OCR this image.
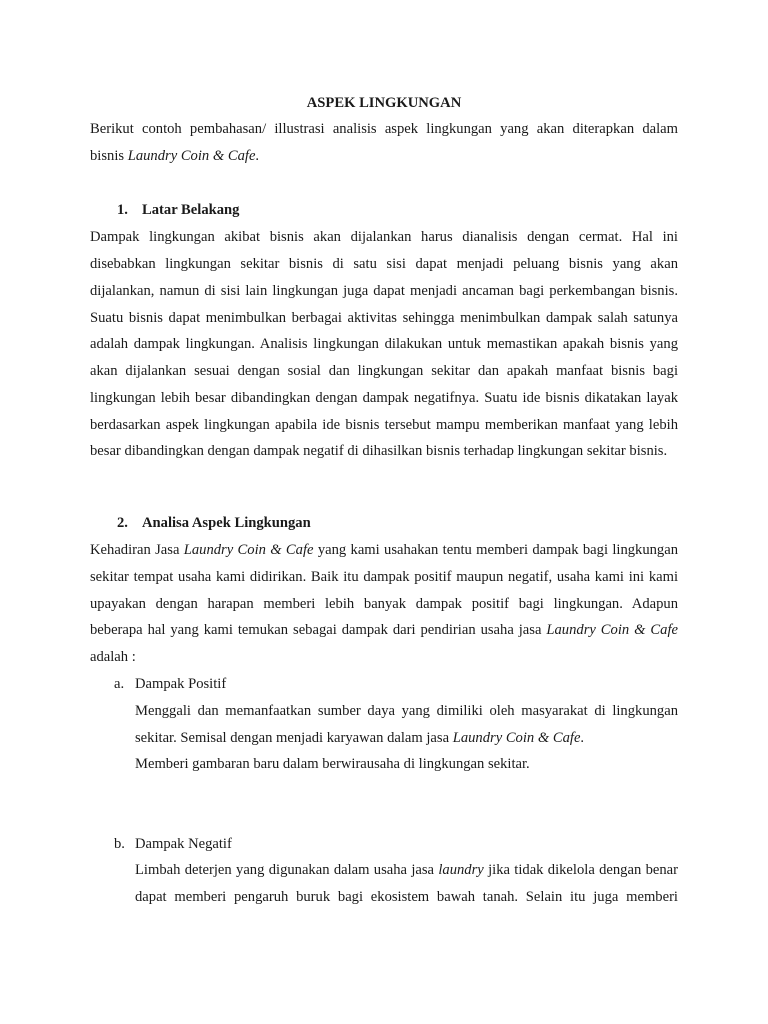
ASPEK LINGKUNGAN
Berikut contoh pembahasan/ illustrasi analisis aspek lingkungan yang akan diterapkan dalam
bisnis Laundry Coin & Cafe.
1. Latar Belakang
Dampak lingkungan akibat bisnis akan dijalankan harus dianalisis dengan cermat. Hal ini
disebabkan lingkungan sekitar bisnis di satu sisi dapat menjadi peluang bisnis yang akan
dijalankan, namun di sisi lain lingkungan juga dapat menjadi ancaman bagi perkembangan bisnis.
Suatu bisnis dapat menimbulkan berbagai aktivitas sehingga menimbulkan dampak salah satunya
adalah dampak lingkungan. Analisis lingkungan dilakukan untuk memastikan apakah bisnis yang
akan dijalankan sesuai dengan sosial dan lingkungan sekitar dan apakah manfaat bisnis bagi
lingkungan lebih besar dibandingkan dengan dampak negatifnya. Suatu ide bisnis dikatakan layak
berdasarkan aspek lingkungan apabila ide bisnis tersebut mampu memberikan manfaat yang lebih
besar dibandingkan dengan dampak negatif di dihasilkan bisnis terhadap lingkungan sekitar bisnis.
2. Analisa Aspek Lingkungan
Kehadiran Jasa Laundry Coin & Cafe yang kami usahakan tentu memberi dampak bagi lingkungan
sekitar tempat usaha kami didirikan. Baik itu dampak positif maupun negatif, usaha kami ini kami
upayakan dengan harapan memberi lebih banyak dampak positif bagi lingkungan. Adapun
beberapa hal yang kami temukan sebagai dampak dari pendirian usaha jasa Laundry Coin & Cafe
adalah :
a. Dampak Positif
Menggali dan memanfaatkan sumber daya yang dimiliki oleh masyarakat di lingkungan
sekitar. Semisal dengan menjadi karyawan dalam jasa Laundry Coin & Cafe.
Memberi gambaran baru dalam berwirausaha di lingkungan sekitar.
b. Dampak Negatif
Limbah deterjen yang digunakan dalam usaha jasa laundry jika tidak dikelola dengan benar
dapat memberi pengaruh buruk bagi ekosistem bawah tanah. Selain itu juga memberi
